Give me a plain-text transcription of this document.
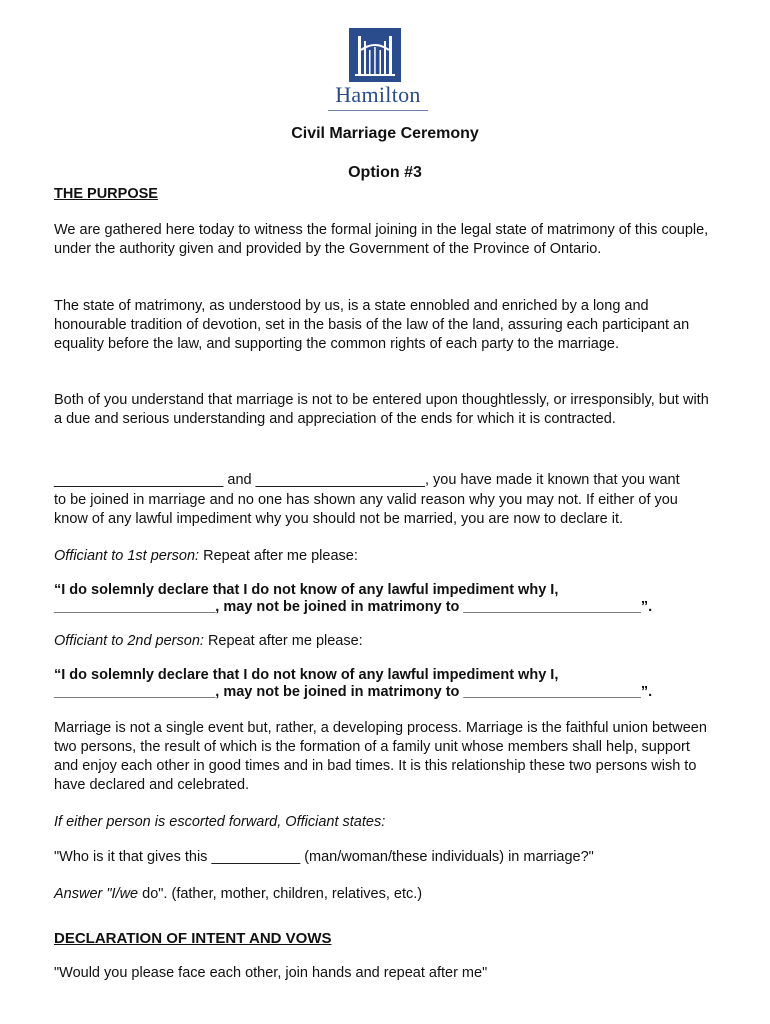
Hamilton
Civil Marriage Ceremony
Option #3
THE PURPOSE
We are gathered here today to witness the formal joining in the legal state of matrimony of this couple, under the authority given and provided by the Government of the Province of Ontario.
The state of matrimony, as understood by us, is a state ennobled and enriched by a long and honourable tradition of devotion, set in the basis of the law of the land, assuring each participant an equality before the law, and supporting the common rights of each party to the marriage.
Both of you understand that marriage is not to be entered upon thoughtlessly, or irresponsibly, but with a due and serious understanding and appreciation of the ends for which it is contracted.
_____________________ and _____________________, you have made it known that you want
to be joined in marriage and no one has shown any valid reason why you may not. If either of you know of any lawful impediment why you should not be married, you are now to declare it.
Officiant to 1st person: Repeat after me please:
“I do solemnly declare that I do not know of any lawful impediment why I,
____________________, may not be joined in matrimony to ______________________”.
Officiant to 2nd person: Repeat after me please:
“I do solemnly declare that I do not know of any lawful impediment why I,
____________________, may not be joined in matrimony to ______________________”.
Marriage is not a single event but, rather, a developing process. Marriage is the faithful union between two persons, the result of which is the formation of a family unit whose members shall help, support and enjoy each other in good times and in bad times. It is this relationship these two persons wish to have declared and celebrated.
If either person is escorted forward, Officiant states:
"Who is it that gives this ___________ (man/woman/these individuals) in marriage?"
Answer "I/we do". (father, mother, children, relatives, etc.)
DECLARATION OF INTENT AND VOWS
"Would you please face each other, join hands and repeat after me"
